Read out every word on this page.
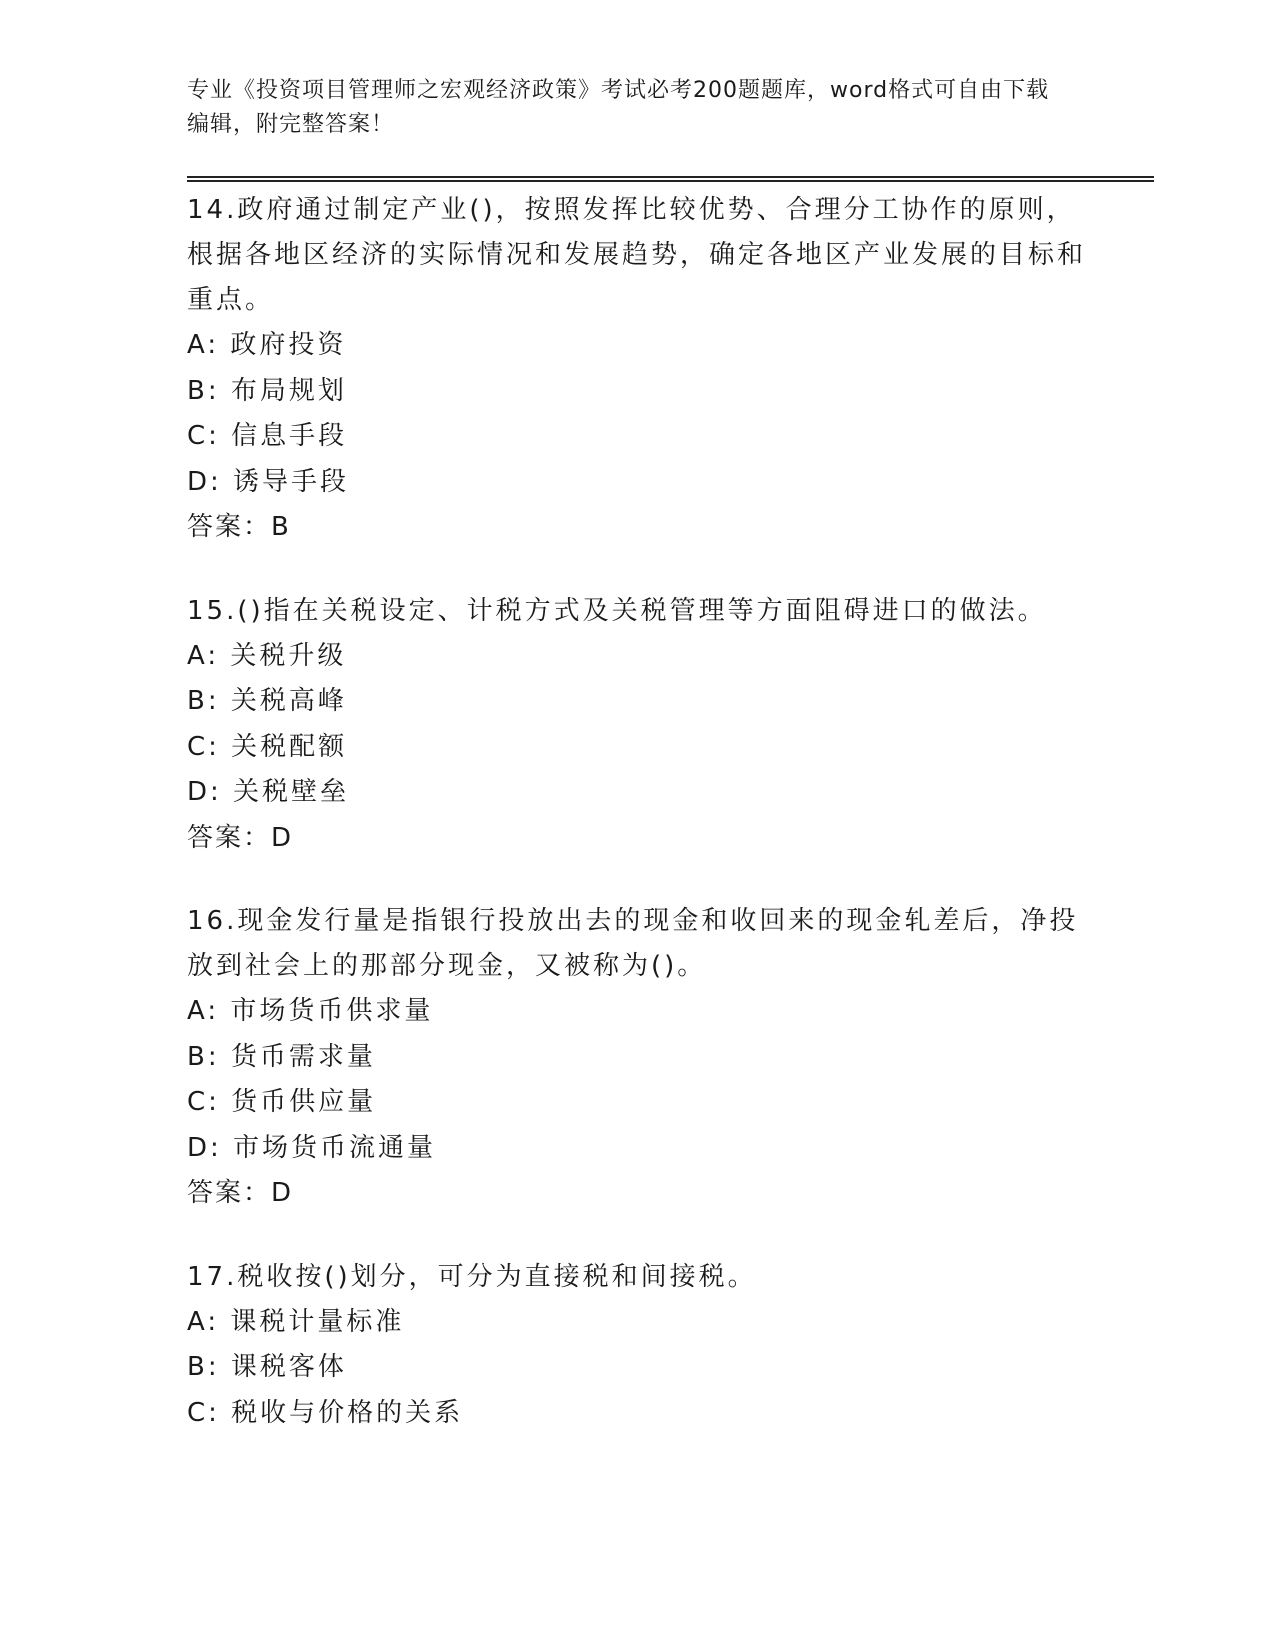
专业《投资项目管理师之宏观经济政策》考试必考200题题库，word格式可自由下载编辑，附完整答案！
14.政府通过制定产业()，按照发挥比较优势、合理分工协作的原则，根据各地区经济的实际情况和发展趋势，确定各地区产业发展的目标和重点。
A: 政府投资
B: 布局规划
C: 信息手段
D: 诱导手段
答案：B
15.()指在关税设定、计税方式及关税管理等方面阻碍进口的做法。
A: 关税升级
B: 关税高峰
C: 关税配额
D: 关税壁垒
答案：D
16.现金发行量是指银行投放出去的现金和收回来的现金轧差后，净投放到社会上的那部分现金，又被称为()。
A: 市场货币供求量
B: 货币需求量
C: 货币供应量
D: 市场货币流通量
答案：D
17.税收按()划分，可分为直接税和间接税。
A: 课税计量标准
B: 课税客体
C: 税收与价格的关系
